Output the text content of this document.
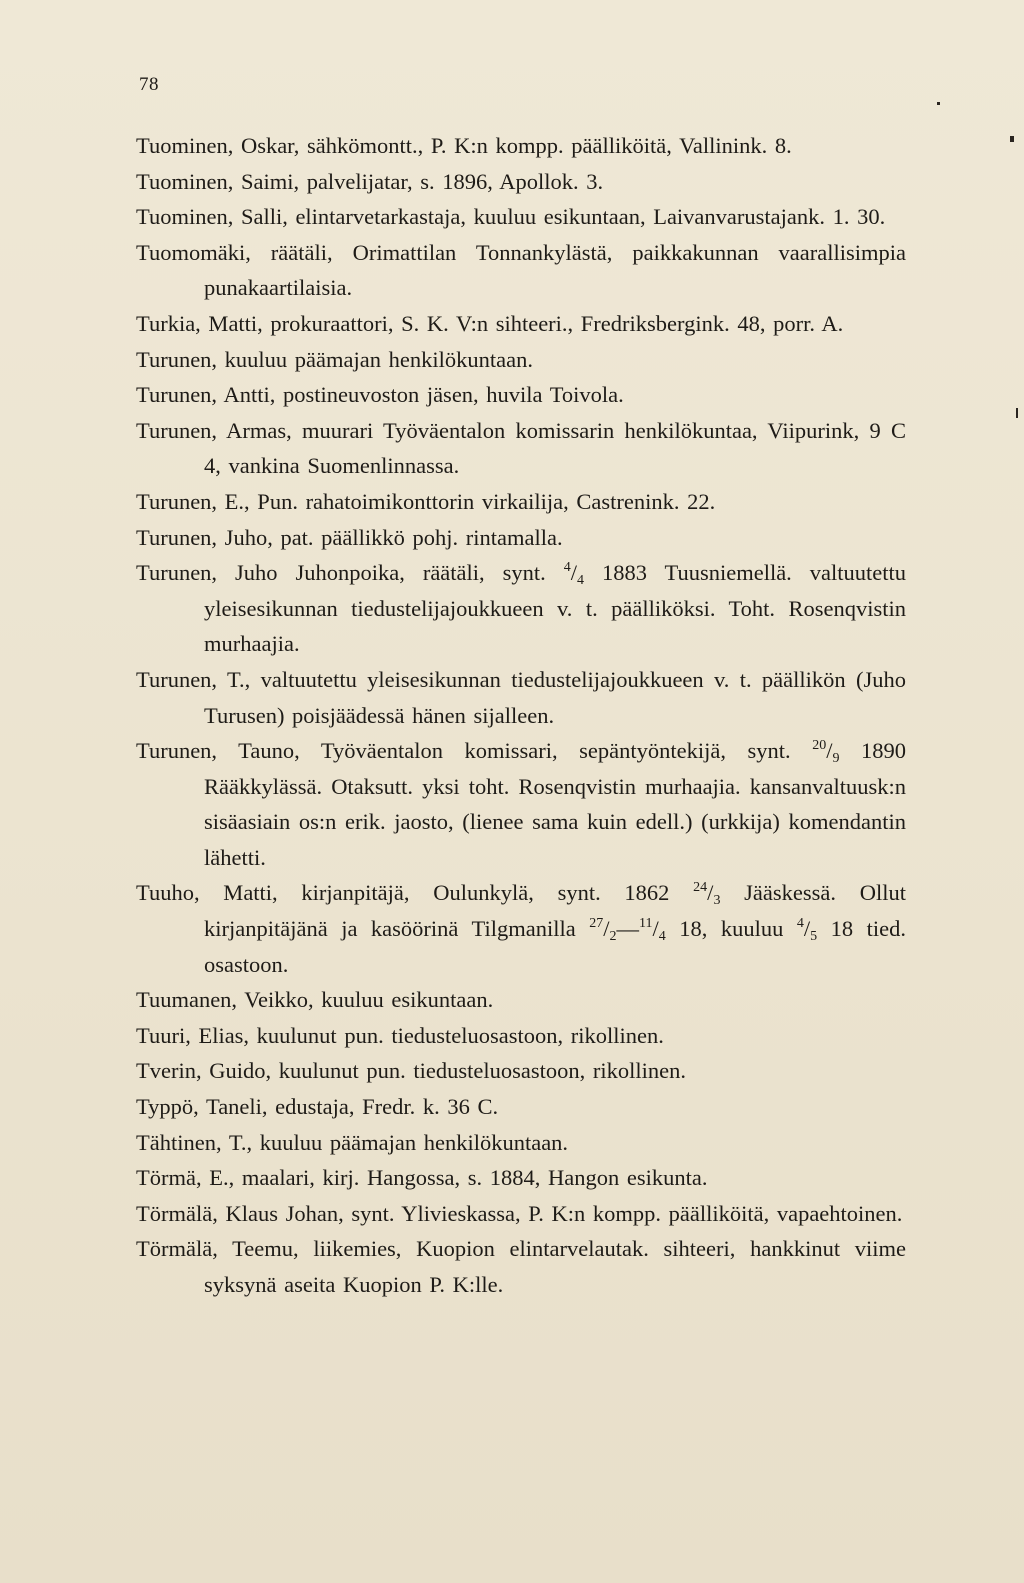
78

Tuominen, Oskar, sähkömontt., P. K:n kompp. päälliköitä, Vallinink. 8.

Tuominen, Saimi, palvelijatar, s. 1896, Apollok. 3.

Tuominen, Salli, elintarvetarkastaja, kuuluu esikuntaan, Laivanvarustajank. 1. 30.

Tuomomäki, räätäli, Orimattilan Tonnankylästä, paikkakunnan vaarallisimpia punakaartilaisia.

Turkia, Matti, prokuraattori, S. K. V:n sihteeri., Fredriksbergink. 48, porr. A.

Turunen, kuuluu päämajan henkilökuntaan.

Turunen, Antti, postineuvoston jäsen, huvila Toivola.

Turunen, Armas, muurari Työväentalon komissarin henkilökuntaa, Viipurink, 9 C 4, vankina Suomenlinnassa.

Turunen, E., Pun. rahatoimikonttorin virkailija, Castrenink. 22.

Turunen, Juho, pat. päällikkö pohj. rintamalla.

Turunen, Juho Juhonpoika, räätäli, synt. $^4/_4$ 1883 Tuusniemellä. valtuutettu yleisesikunnan tiedustelijajoukkueen v. t. päälliköksi. Toht. Rosenqvistin murhaajia.

Turunen, T., valtuutettu yleisesikunnan tiedustelijajoukkueen v. t. päällikön (Juho Turusen) poisjäädessä hänen sijalleen.

Turunen, Tauno, Työväentalon komissari, sepäntyöntekijä, synt. $^{20}/_9$ 1890 Rääkkylässä. Otaksutt. yksi toht. Rosenqvistin murhaajia. kansanvaltuusk:n sisäasiain os:n erik. jaosto, (lienee sama kuin edell.) (urkkija) komendantin lähetti.

Tuuho, Matti, kirjanpitäjä, Oulunkylä, synt. 1862 $^{24}/_3$ Jääskessä. Ollut kirjanpitäjänä ja kasöörinä Tilgmanilla $^{27}/_2—^{11}/_4$ 18, kuuluu $^4/_5$ 18 tied. osastoon.

Tuumanen, Veikko, kuuluu esikuntaan.

Tuuri, Elias, kuulunut pun. tiedusteluosastoon, rikollinen.

Tverin, Guido, kuulunut pun. tiedusteluosastoon, rikollinen.

Typpö, Taneli, edustaja, Fredr. k. 36 C.

Tähtinen, T., kuuluu päämajan henkilökuntaan.

Törmä, E., maalari, kirj. Hangossa, s. 1884, Hangon esikunta.

Törmälä, Klaus Johan, synt. Ylivieskassa, P. K:n kompp. päälliköitä, vapaehtoinen.

Törmälä, Teemu, liikemies, Kuopion elintarvelautak. sihteeri, hankkinut viime syksynä aseita Kuopion P. K:lle.
